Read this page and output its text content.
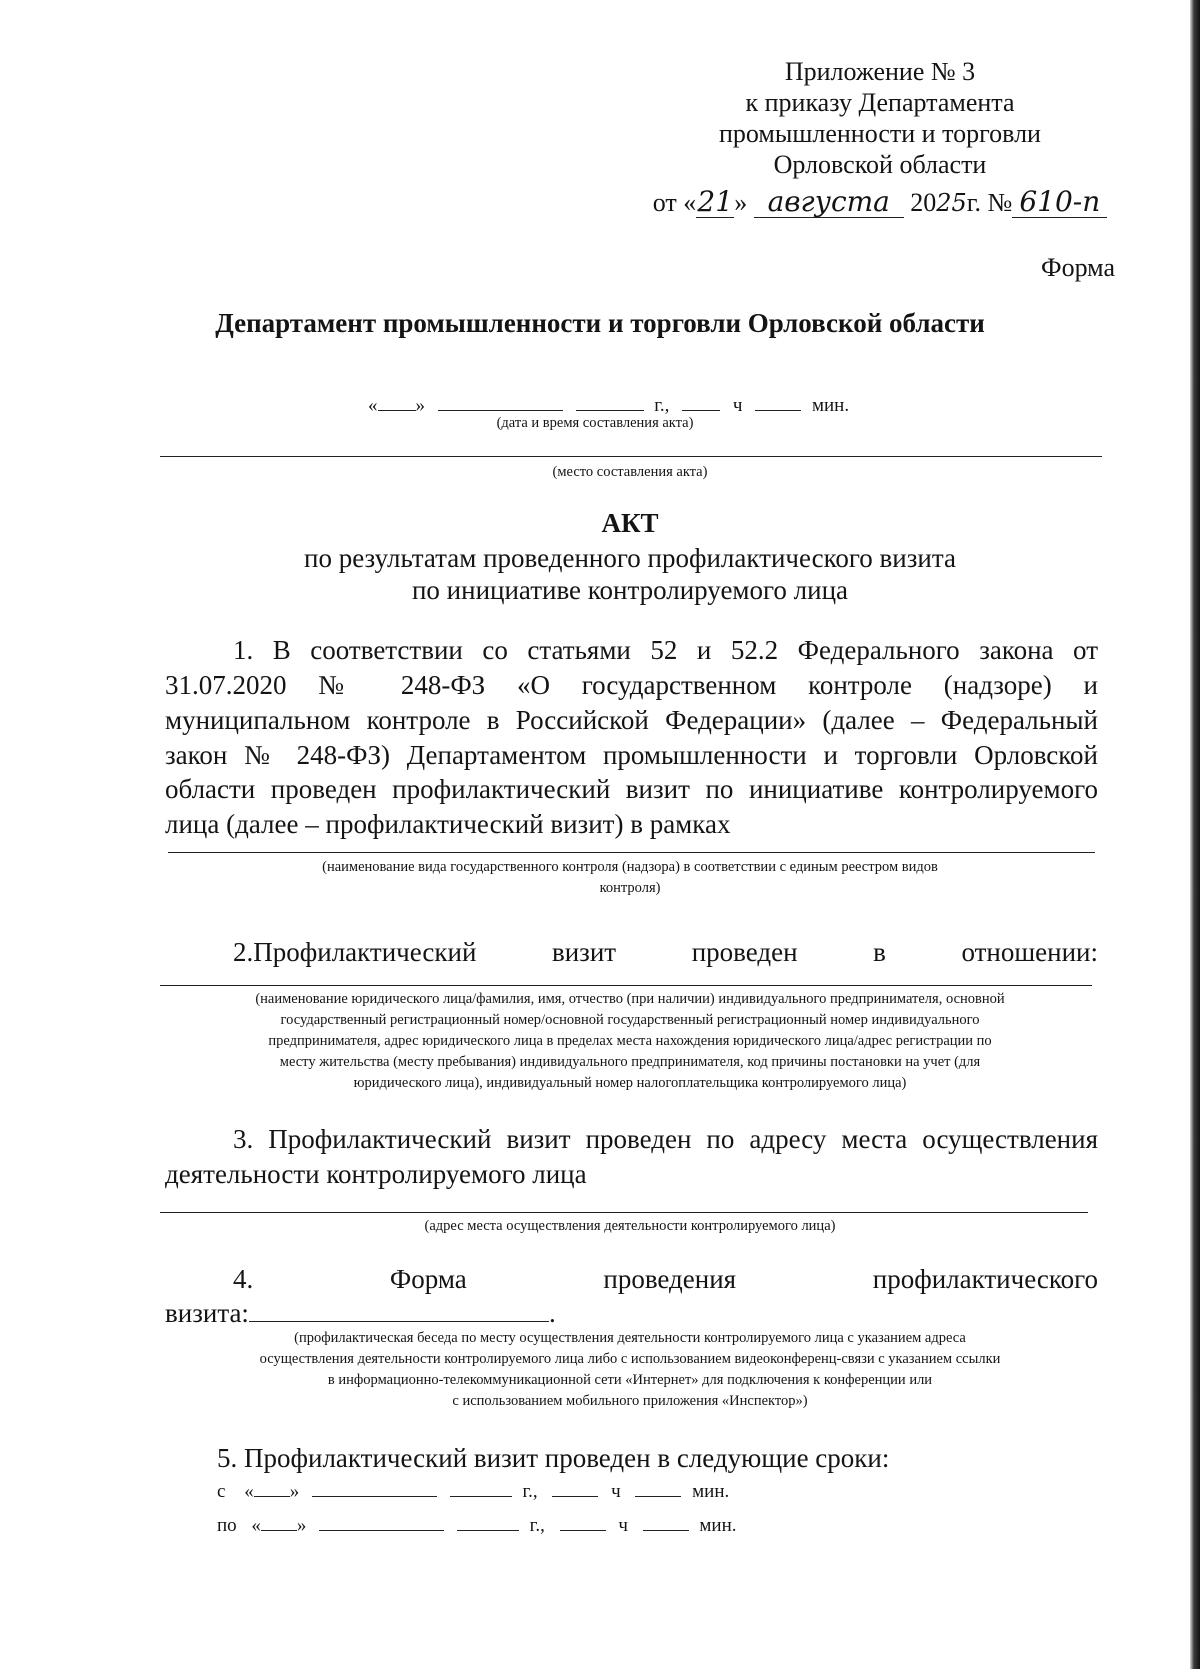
Приложение № 3
к приказу Департамента
промышленности и торговли
Орловской области
от «21» августа 2025г. № 610-п
Форма
Департамент промышленности и торговли Орловской области
« »	г.,	ч	мин.
(дата и время составления акта)
(место составления акта)
АКТ
по результатам проведенного профилактического визита
по инициативе контролируемого лица
1. В соответствии со статьями 52 и 52.2 Федерального закона от
31.07.2020 № 248-ФЗ «О государственном контроле (надзоре) и
муниципальном контроле в Российской Федерации» (далее – Федеральный
закон № 248-ФЗ) Департаментом промышленности и торговли Орловской
области проведен профилактический визит по инициативе контролируемого
лица (далее – профилактический визит) в рамках
(наименование вида государственного контроля (надзора) в соответствии с единым реестром видов
контроля)
2.Профилактический визит проведен в отношении:
(наименование юридического лица/фамилия, имя, отчество (при наличии) индивидуального предпринимателя, основной
государственный регистрационный номер/основной государственный регистрационный номер индивидуального
предпринимателя, адрес юридического лица в пределах места нахождения юридического лица/адрес регистрации по
месту жительства (месту пребывания) индивидуального предпринимателя, код причины постановки на учет (для
юридического лица), индивидуальный номер налогоплательщика контролируемого лица)
3. Профилактический визит проведен по адресу места осуществления
деятельности контролируемого лица
(адрес места осуществления деятельности контролируемого лица)
4. Форма проведения профилактического
визита:	.
(профилактическая беседа по месту осуществления деятельности контролируемого лица с указанием адреса
осуществления деятельности контролируемого лица либо с использованием видеоконференц-связи с указанием ссылки
в информационно-телекоммуникационной сети «Интернет» для подключения к конференции или
с использованием мобильного приложения «Инспектор»)
5. Профилактический визит проведен в следующие сроки:
с « »	г.,	ч	мин.
по « »	г.,	ч	мин.
